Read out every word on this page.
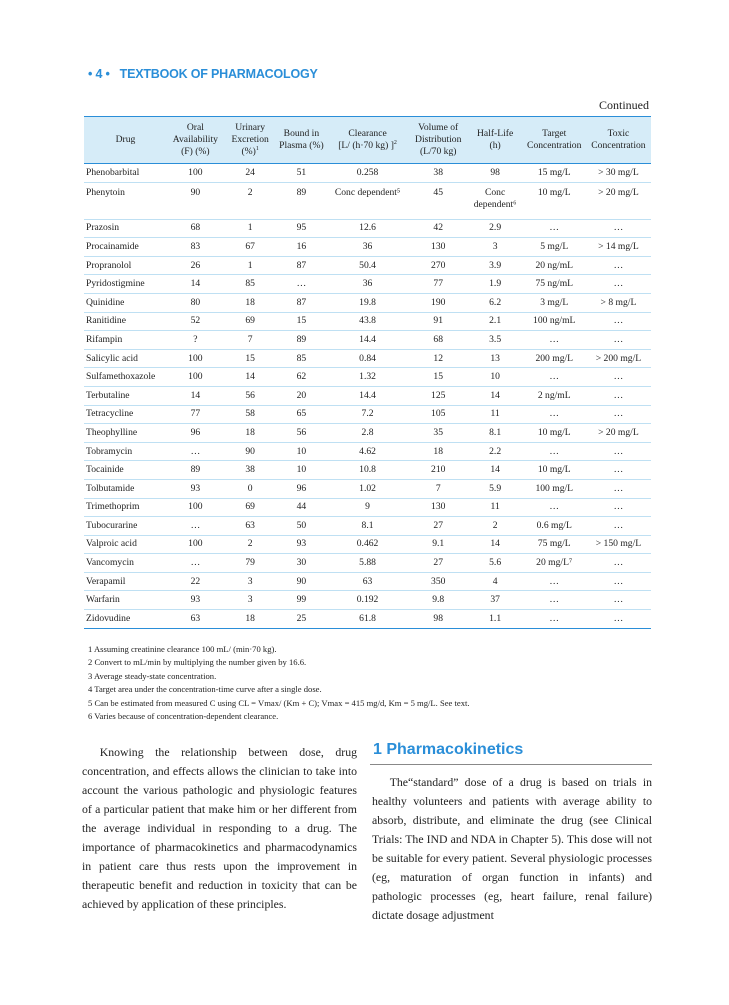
• 4 • TEXTBOOK OF PHARMACOLOGY
Continued
Drug	Oral
Availability
(F) (%)	Urinary
Excretion
(%)$^1$	Bound in
Plasma (%)	Clearance
[L/ (h·70 kg) ]$^2$	Volume of
Distribution
(L/70 kg)	Half-Life
(h)	Target
Concentration	Toxic
Concentration
Phenobarbital	100	24	51	0.258	38	98	15 mg/L	> 30 mg/L
Phenytoin	90	2	89	Conc dependent⁵	45	Conc dependent⁶	10 mg/L	> 20 mg/L
Prazosin	68	1	95	12.6	42	2.9	…	…
Procainamide	83	67	16	36	130	3	5 mg/L	> 14 mg/L
Propranolol	26	1	87	50.4	270	3.9	20 ng/mL	…
Pyridostigmine	14	85	…	36	77	1.9	75 ng/mL	…
Quinidine	80	18	87	19.8	190	6.2	3 mg/L	> 8 mg/L
Ranitidine	52	69	15	43.8	91	2.1	100 ng/mL	…
Rifampin	?	7	89	14.4	68	3.5	…	…
Salicylic acid	100	15	85	0.84	12	13	200 mg/L	> 200 mg/L
Sulfamethoxazole	100	14	62	1.32	15	10	…	…
Terbutaline	14	56	20	14.4	125	14	2 ng/mL	…
Tetracycline	77	58	65	7.2	105	11	…	…
Theophylline	96	18	56	2.8	35	8.1	10 mg/L	> 20 mg/L
Tobramycin	…	90	10	4.62	18	2.2	…	…
Tocainide	89	38	10	10.8	210	14	10 mg/L	…
Tolbutamide	93	0	96	1.02	7	5.9	100 mg/L	…
Trimethoprim	100	69	44	9	130	11	…	…
Tubocurarine	…	63	50	8.1	27	2	0.6 mg/L	…
Valproic acid	100	2	93	0.462	9.1	14	75 mg/L	> 150 mg/L
Vancomycin	…	79	30	5.88	27	5.6	20 mg/L⁷	…
Verapamil	22	3	90	63	350	4	…	…
Warfarin	93	3	99	0.192	9.8	37	…	…
Zidovudine	63	18	25	61.8	98	1.1	…	…
1 Assuming creatinine clearance 100 mL/ (min·70 kg).
2 Convert to mL/min by multiplying the number given by 16.6.
3 Average steady-state concentration.
4 Target area under the concentration-time curve after a single dose.
5 Can be estimated from measured C using CL = Vmax/ (Km + C); Vmax = 415 mg/d, Km = 5 mg/L. See text.
6 Varies because of concentration-dependent clearance.

Knowing the relationship between dose, drug concentration, and effects allows the clinician to take into account the various pathologic and physiologic features of a particular patient that make him or her different from the average individual in responding to a drug. The importance of pharmacokinetics and pharmacodynamics in patient care thus rests upon the improvement in therapeutic benefit and reduction in toxicity that can be achieved by application of these principles.

1 Pharmacokinetics

The“standard” dose of a drug is based on trials in healthy volunteers and patients with average ability to absorb, distribute, and eliminate the drug (see Clinical Trials: The IND and NDA in Chapter 5). This dose will not be suitable for every patient. Several physiologic processes (eg, maturation of organ function in infants) and pathologic processes (eg, heart failure, renal failure) dictate dosage adjustment
